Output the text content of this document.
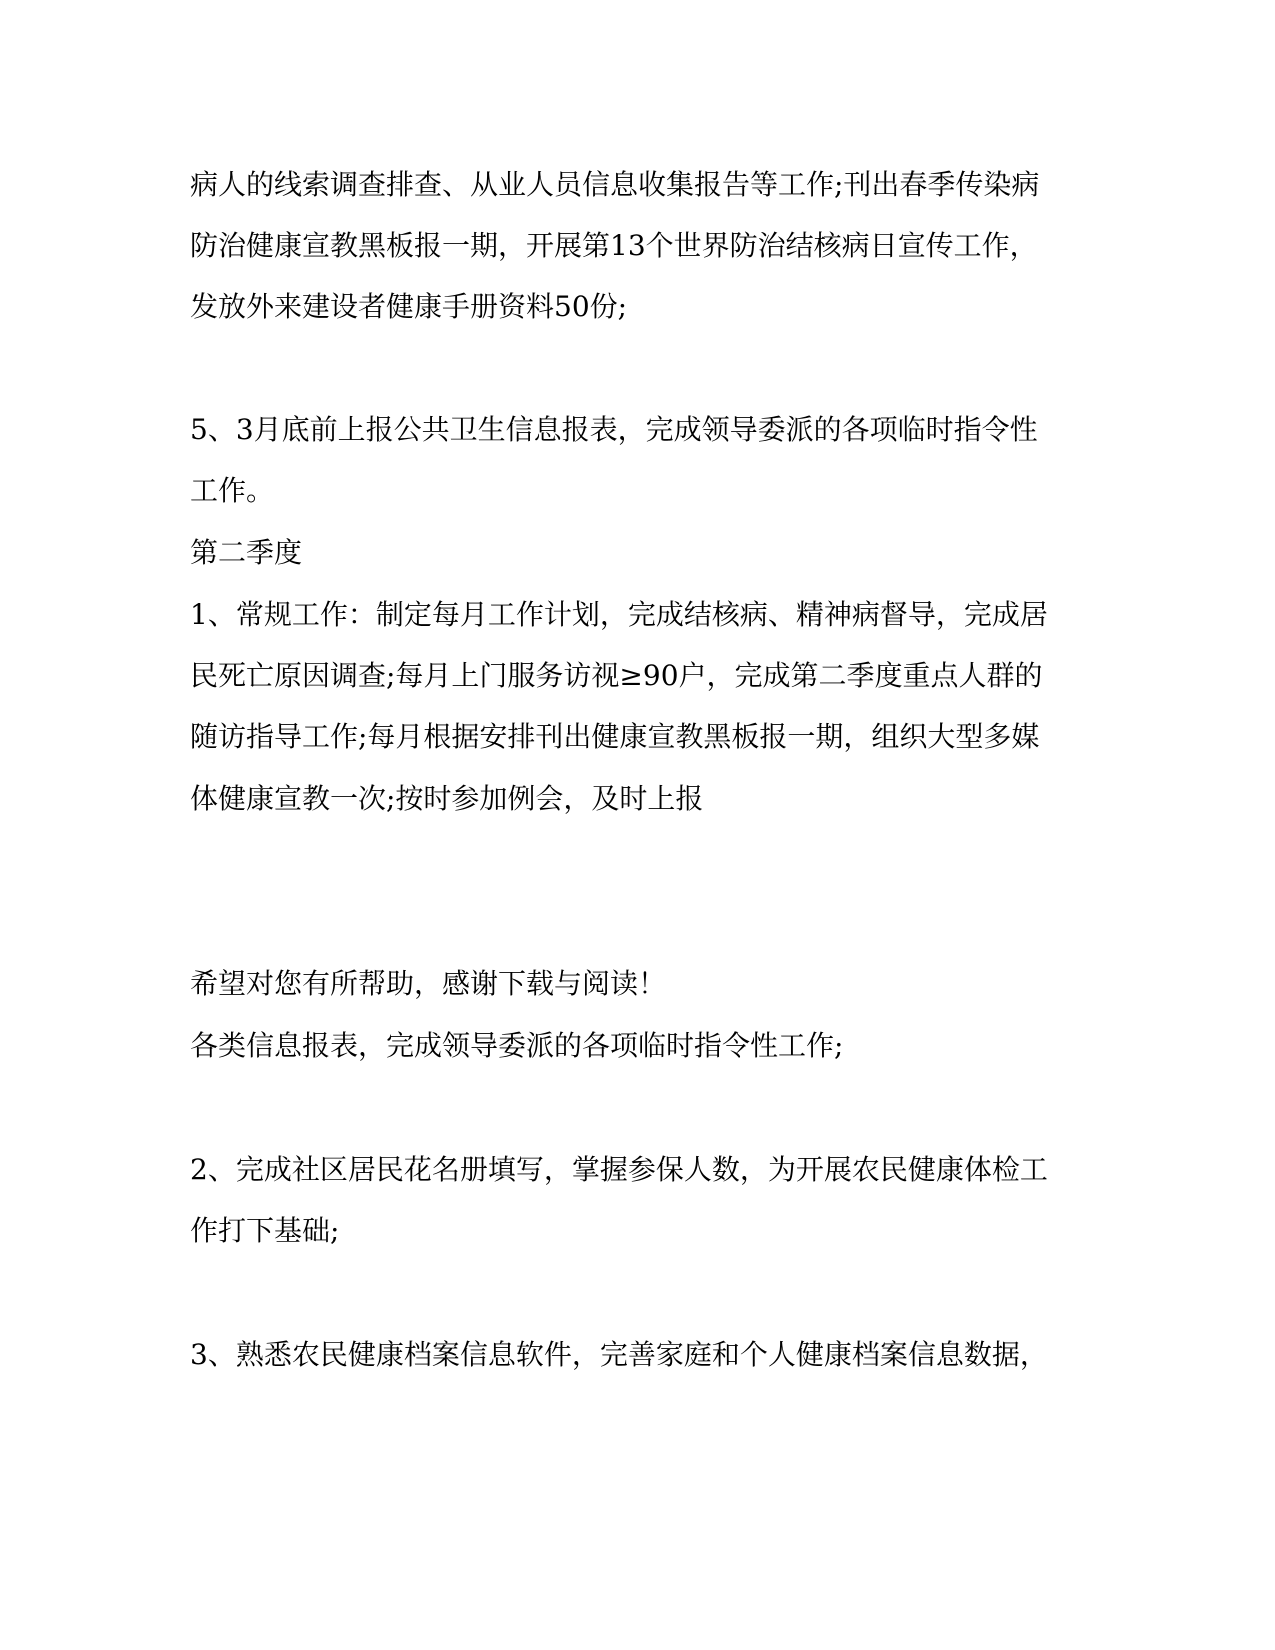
病人的线索调查排查、从业人员信息收集报告等工作;刊出春季传染病
防治健康宣教黑板报一期，开展第13个世界防治结核病日宣传工作，
发放外来建设者健康手册资料50份;
5、3月底前上报公共卫生信息报表，完成领导委派的各项临时指令性
工作。
第二季度
1、常规工作：制定每月工作计划，完成结核病、精神病督导，完成居
民死亡原因调查;每月上门服务访视≥90户，完成第二季度重点人群的
随访指导工作;每月根据安排刊出健康宣教黑板报一期，组织大型多媒
体健康宣教一次;按时参加例会，及时上报
希望对您有所帮助，感谢下载与阅读！
各类信息报表，完成领导委派的各项临时指令性工作;
2、完成社区居民花名册填写，掌握参保人数，为开展农民健康体检工
作打下基础;
3、熟悉农民健康档案信息软件，完善家庭和个人健康档案信息数据，
